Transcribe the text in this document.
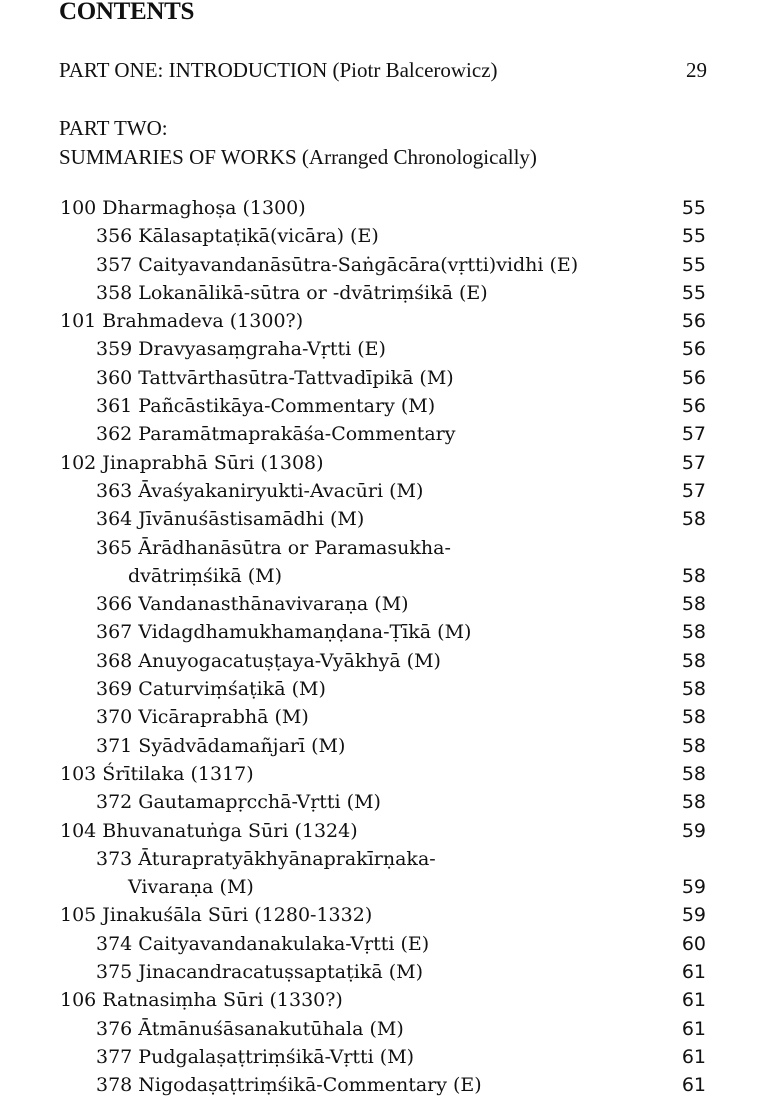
CONTENTS
PART ONE: INTRODUCTION (Piotr Balcerowicz)	29
PART TWO:
SUMMARIES OF WORKS (Arranged Chronologically)
100 Dharmaghoṣa (1300)	55
356 Kālasaptaṭikā(vicāra) (E)	55
357 Caityavandanāsūtra-Saṅgācāra(vṛtti)vidhi (E)	55
358 Lokanālikā-sūtra or -dvātriṃśikā (E)	55
101 Brahmadeva (1300?)	56
359 Dravyasaṃgraha-Vṛtti (E)	56
360 Tattvārthasūtra-Tattvadīpikā (M)	56
361 Pañcāstikāya-Commentary (M)	56
362 Paramātmaprakāśa-Commentary	57
102 Jinaprabhā Sūri (1308)	57
363 Āvaśyakaniryukti-Avacūri (M)	57
364 Jīvānuśāstisamādhi (M)	58
365 Ārādhanāsūtra or Paramasukha-
dvātriṃśikā (M)	58
366 Vandanasthānavivaraṇa (M)	58
367 Vidagdhamukhamaṇḍana-Ṭīkā (M)	58
368 Anuyogacatuṣṭaya-Vyākhyā (M)	58
369 Caturviṃśaṭikā (M)	58
370 Vicāraprabhā (M)	58
371 Syādvādamañjarī (M)	58
103 Śrītilaka (1317)	58
372 Gautamapṛcchā-Vṛtti (M)	58
104 Bhuvanatuṅga Sūri (1324)	59
373 Āturapratyākhyānaprakīrṇaka-
Vivaraṇa (M)	59
105 Jinakuśāla Sūri (1280-1332)	59
374 Caityavandanakulaka-Vṛtti (E)	60
375 Jinacandracatuṣsaptaṭikā (M)	61
106 Ratnasiṃha Sūri (1330?)	61
376 Ātmānuśāsanakutūhala (M)	61
377 Pudgalaṣaṭtriṃśikā-Vṛtti (M)	61
378 Nigodaṣaṭtriṃśikā-Commentary (E)	61
